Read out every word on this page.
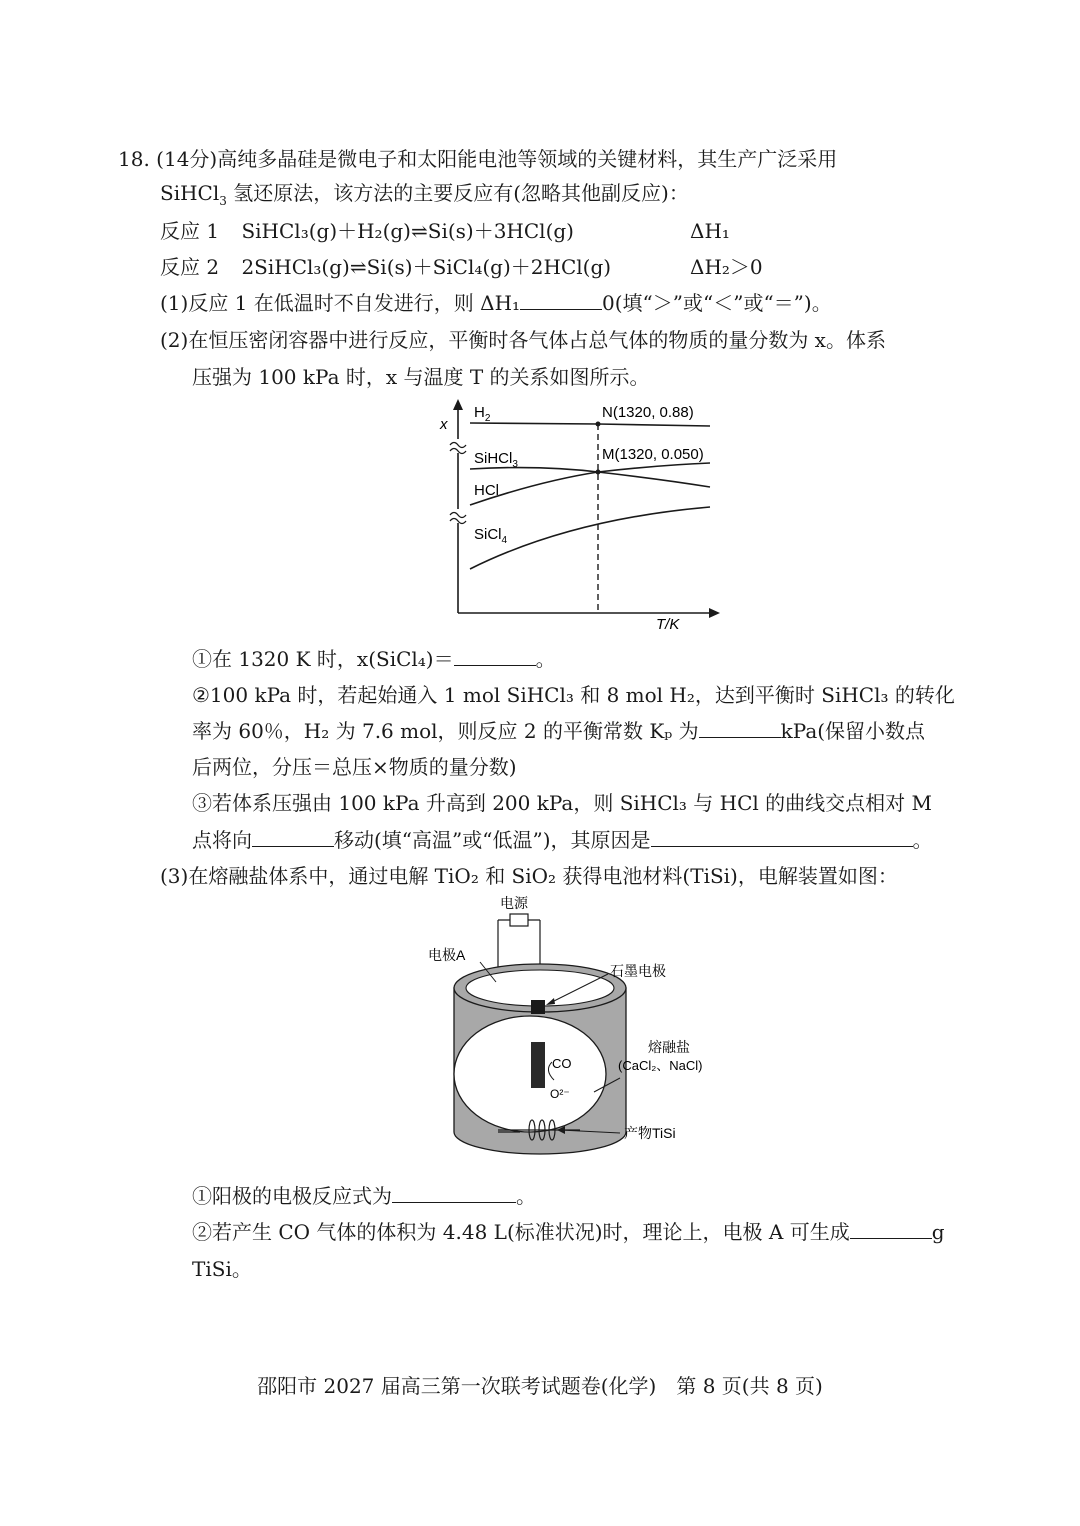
18. (14分)高纯多晶硅是微电子和太阳能电池等领域的关键材料，其生产广泛采用
SiHCl$_3$ 氢还原法，该方法的主要反应有(忽略其他副反应)：
反应 1 SiHCl₃(g)＋H₂(g)⇌Si(s)＋3HCl(g)	ΔH₁
反应 2 2SiHCl₃(g)⇌Si(s)＋SiCl₄(g)＋2HCl(g)	ΔH₂＞0
(1)反应 1 在低温时不自发进行，则 ΔH₁	0(填“＞”或“＜”或“＝”)。
(2)在恒压密闭容器中进行反应，平衡时各气体占总气体的物质的量分数为 x。体系
压强为 100 kPa 时，x 与温度 T 的关系如图所示。
x
T/K
$H_2$
SiHCl$_3$
HCl
SiCl$_4$
N(1320, 0.88)
M(1320, 0.050)
①在 1320 K 时，x(SiCl₄)＝	。
②100 kPa 时，若起始通入 1 mol SiHCl₃ 和 8 mol H₂，达到平衡时 SiHCl₃ 的转化
率为 60％，H₂ 为 7.6 mol，则反应 2 的平衡常数 Kₚ 为	kPa(保留小数点
后两位，分压＝总压×物质的量分数)
③若体系压强由 100 kPa 升高到 200 kPa，则 SiHCl₃ 与 HCl 的曲线交点相对 M
点将向	移动(填“高温”或“低温”)，其原因是	。
(3)在熔融盐体系中，通过电解 TiO₂ 和 SiO₂ 获得电池材料(TiSi)，电解装置如图：
电源
电极A
石墨电极
熔融盐
(CaCl₂、NaCl)
CO
O²⁻
产物TiSi
①阳极的电极反应式为	。
②若产生 CO 气体的体积为 4.48 L(标准状况)时，理论上，电极 A 可生成	g
TiSi。
邵阳市 2027 届高三第一次联考试题卷(化学)　第 8 页(共 8 页)
